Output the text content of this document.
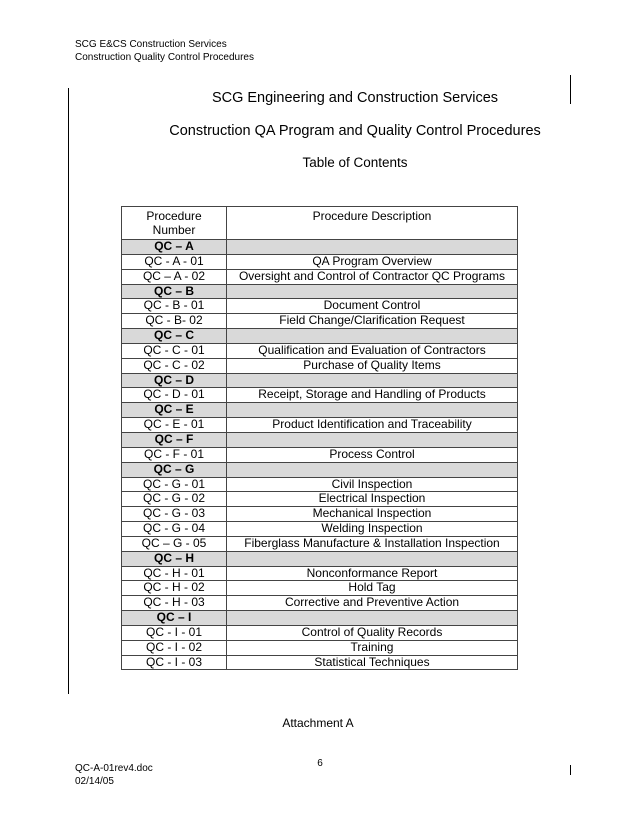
SCG E&CS Construction Services
Construction Quality Control Procedures
SCG Engineering and Construction Services
Construction QA Program and Quality Control Procedures
Table of Contents
Procedure Number	Procedure Description
QC – A	
QC - A - 01	QA Program Overview
QC – A - 02	Oversight and Control of Contractor QC Programs
QC – B	
QC - B - 01	Document Control
QC - B- 02	Field Change/Clarification Request
QC – C	
QC - C - 01	Qualification and Evaluation of Contractors
QC - C - 02	Purchase of Quality Items
QC – D	
QC - D - 01	Receipt, Storage and Handling of Products
QC – E	
QC - E - 01	Product Identification and Traceability
QC – F	
QC - F - 01	Process Control
QC – G	
QC - G - 01	Civil Inspection
QC - G - 02	Electrical Inspection
QC - G - 03	Mechanical Inspection
QC - G - 04	Welding Inspection
QC – G - 05	Fiberglass Manufacture & Installation Inspection
QC – H	
QC - H - 01	Nonconformance Report
QC - H - 02	Hold Tag
QC - H - 03	Corrective and Preventive Action
QC – I	
QC - I - 01	Control of Quality Records
QC - I - 02	Training
QC - I - 03	Statistical Techniques
Attachment A
6
QC-A-01rev4.doc
02/14/05
